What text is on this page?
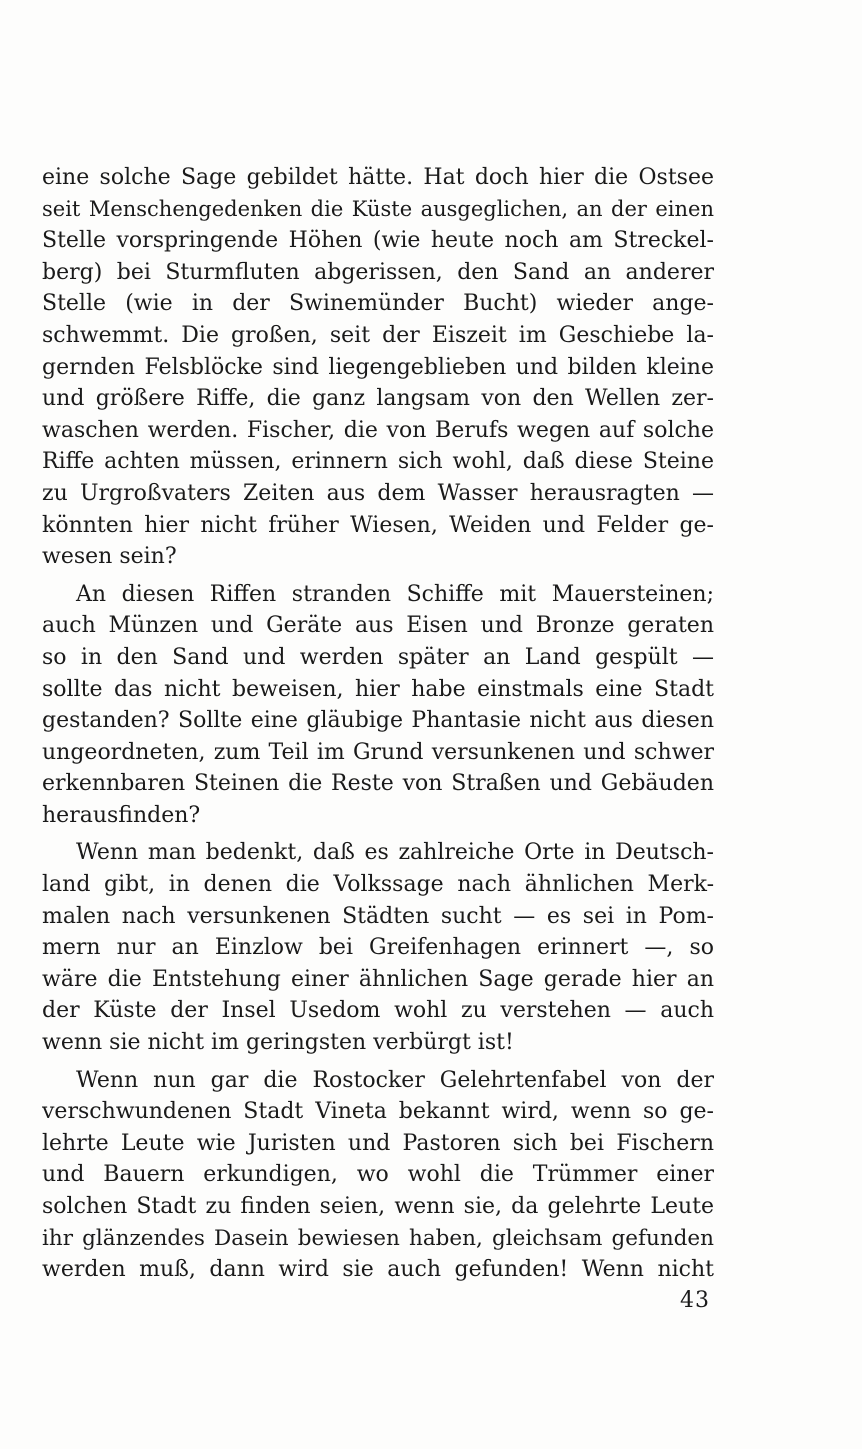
eine solche Sage gebildet hätte. Hat doch hier die Ostsee
seit Menschengedenken die Küste ausgeglichen, an der einen
Stelle vorspringende Höhen (wie heute noch am Streckel-
berg) bei Sturmfluten abgerissen, den Sand an anderer
Stelle (wie in der Swinemünder Bucht) wieder ange-
schwemmt. Die großen, seit der Eiszeit im Geschiebe la-
gernden Felsblöcke sind liegengeblieben und bilden kleine
und größere Riffe, die ganz langsam von den Wellen zer-
waschen werden. Fischer, die von Berufs wegen auf solche
Riffe achten müssen, erinnern sich wohl, daß diese Steine
zu Urgroßvaters Zeiten aus dem Wasser herausragten —
könnten hier nicht früher Wiesen, Weiden und Felder ge-
wesen sein?
An diesen Riffen stranden Schiffe mit Mauersteinen;
auch Münzen und Geräte aus Eisen und Bronze geraten
so in den Sand und werden später an Land gespült —
sollte das nicht beweisen, hier habe einstmals eine Stadt
gestanden? Sollte eine gläubige Phantasie nicht aus diesen
ungeordneten, zum Teil im Grund versunkenen und schwer
erkennbaren Steinen die Reste von Straßen und Gebäuden
herausfinden?
Wenn man bedenkt, daß es zahlreiche Orte in Deutsch-
land gibt, in denen die Volkssage nach ähnlichen Merk-
malen nach versunkenen Städten sucht — es sei in Pom-
mern nur an Einzlow bei Greifenhagen erinnert —, so
wäre die Entstehung einer ähnlichen Sage gerade hier an
der Küste der Insel Usedom wohl zu verstehen — auch
wenn sie nicht im geringsten verbürgt ist!
Wenn nun gar die Rostocker Gelehrtenfabel von der
verschwundenen Stadt Vineta bekannt wird, wenn so ge-
lehrte Leute wie Juristen und Pastoren sich bei Fischern
und Bauern erkundigen, wo wohl die Trümmer einer
solchen Stadt zu finden seien, wenn sie, da gelehrte Leute
ihr glänzendes Dasein bewiesen haben, gleichsam gefunden
werden muß, dann wird sie auch gefunden! Wenn nicht
43
